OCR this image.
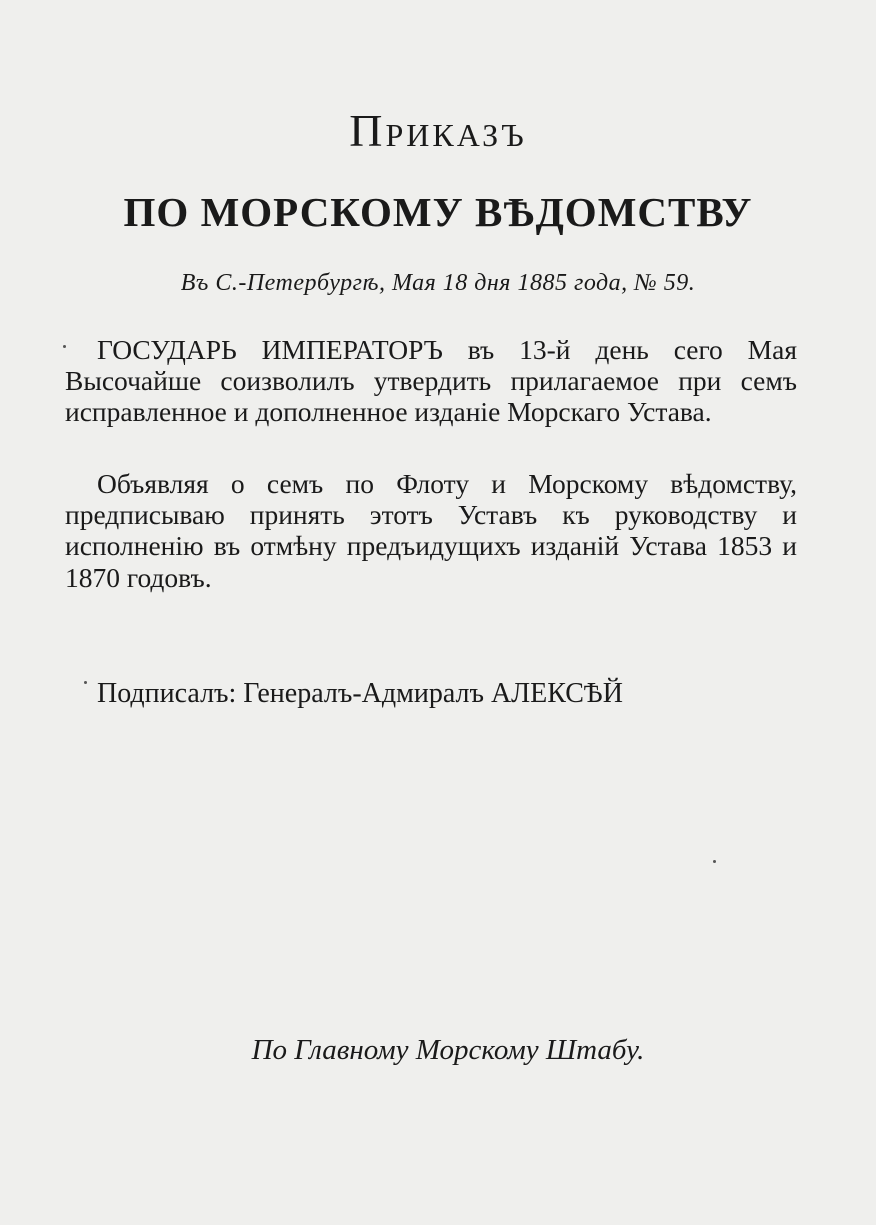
Приказъ
ПО МОРСКОМУ ВѢДОМСТВУ
Въ С.-Петербургѣ, Мая 18 дня 1885 года, № 59.

ГОСУДАРЬ ИМПЕРАТОРЪ въ 13-й день сего Мая Высочайше соизволилъ утвердить прилагаемое при семъ исправленное и дополненное изданіе Морскаго Устава.

Объявляя о семъ по Флоту и Морскому вѣдомству, предписываю принять этотъ Уставъ къ руководству и исполненію въ отмѣну предъидущихъ изданій Устава 1853 и 1870 годовъ.

Подписалъ: Генералъ-Адмиралъ АЛЕКСѢЙ
По Главному Морскому Штабу.
